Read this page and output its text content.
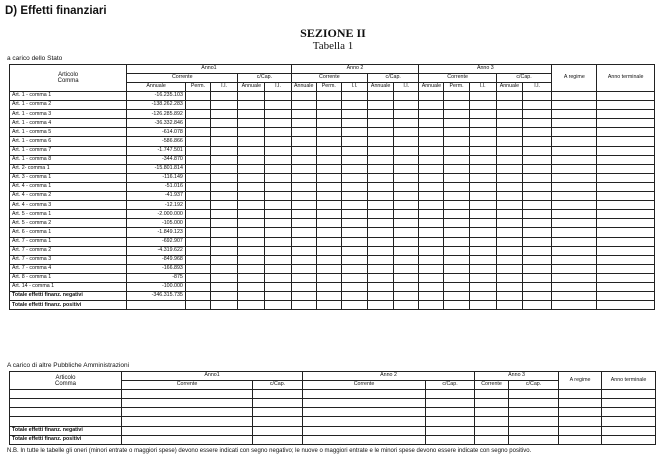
D) Effetti finanziari
SEZIONE II
Tabella 1
a carico dello Stato
Articolo
Comma	Anno1					Anno 2					Anno 3					A regime	Anno terminale
	Corrente			c/Cap.		Corrente			c/Cap.		Corrente			c/Cap.			
	Annuale	Perm.	I.I.	Annuale	I.I.	Annuale	Perm.	I.I.	Annuale	I.I.	Annuale	Perm.	I.I.	Annuale	I.I.		
Art. 1 - comma 1	-16.235.103																
Art. 1 - comma 2	-138.262.283																
Art. 1 - comma 3	-126.285.892																
Art. 1 - comma 4	-36.332.846																
Art. 1 - comma 5	-614.078																
Art. 1 - comma 6	-586.866																
Art. 1 - comma 7	-1.747.501																
Art. 1 - comma 8	-344.870																
Art. 2- comma 1	-15.801.814																
Art. 3 - comma 1	-116.149																
Art. 4 - comma 1	-51.016																
Art. 4 - comma 2	-41.937																
Art. 4 - comma 3	-12.192																
Art. 5 - comma 1	-2.000.000																
Art. 5 - comma 2	-105.000																
Art. 6 - comma 1	-1.849.123																
Art. 7 - comma 1	-692.907																
Art. 7 - comma 2	-4.319.622																
Art. 7 - comma 3	-849.968																
Art. 7 - comma 4	-166.893																
Art. 8 - comma 1	-875																
Art. 14 - comma 1	-100.000																
Totale effetti finanz. negativi	-346.315.735																
Totale effetti finanz. positivi																	
A carico di altre Pubbliche Amministrazioni
Articolo
Comma	Anno1		Anno 2		Anno 3		A regime	Anno terminale
	Corrente	c/Cap.	Corrente	c/Cap.	Corrente	c/Cap.		

Totale effetti finanz. negativi								
Totale effetti finanz. positivi								
N.B. In tutte le tabelle gli oneri (minori entrate o maggiori spese) devono essere indicati con segno negativo; le nuove o maggiori entrate e le minori spese devono essere indicate con segno positivo.
